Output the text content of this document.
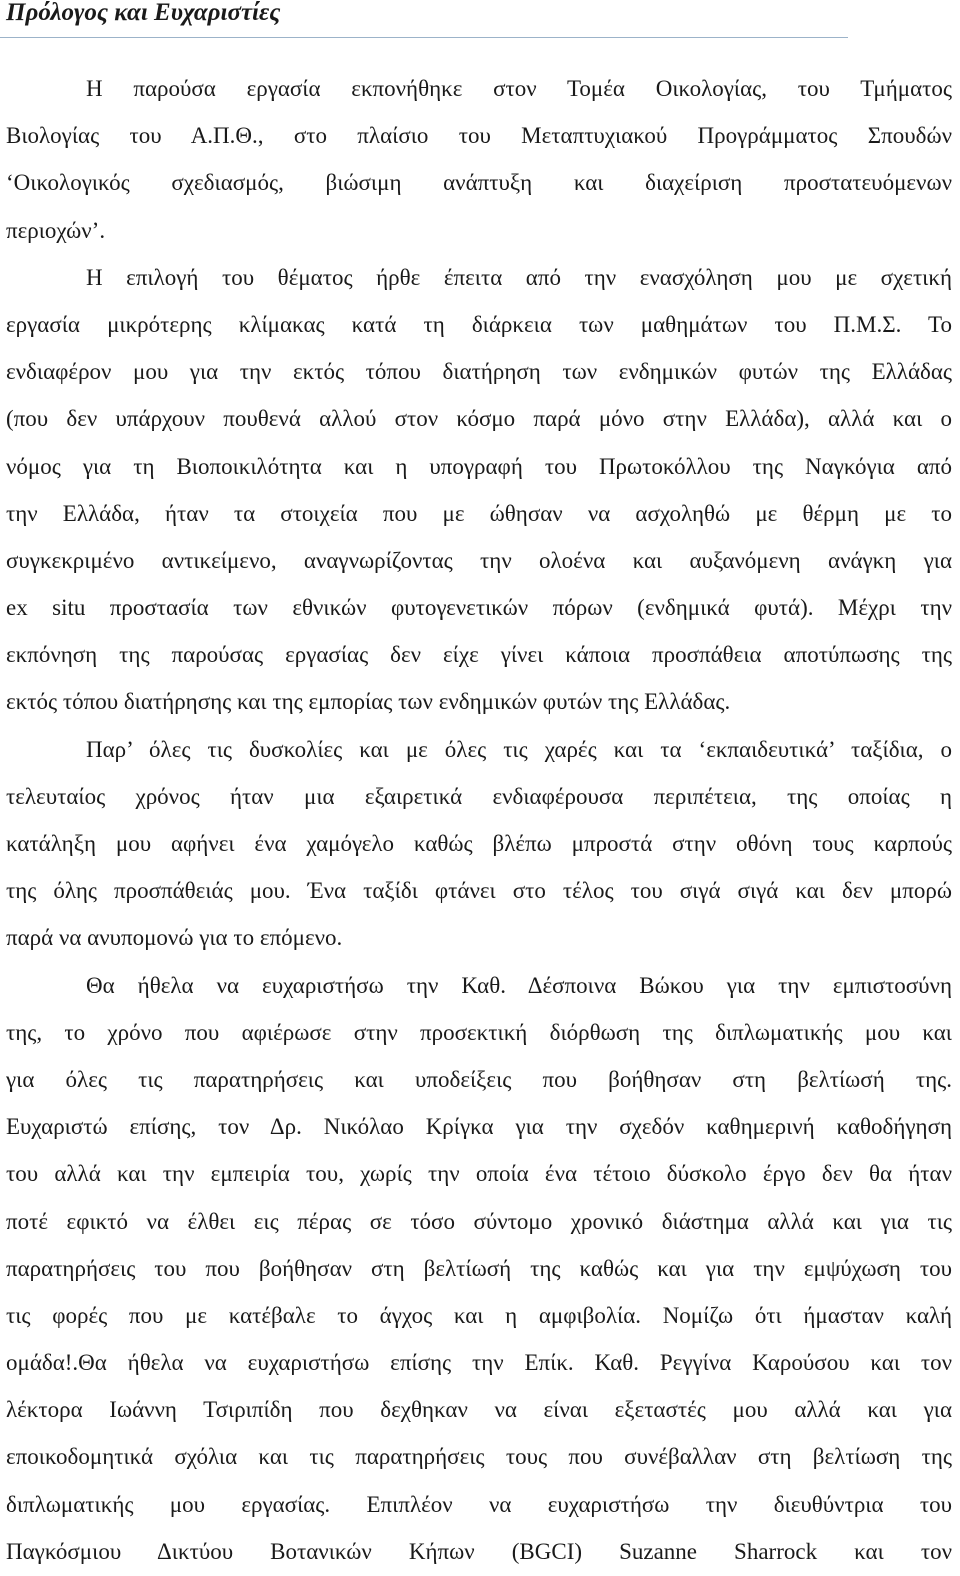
Πρόλογος και Ευχαριστίες
Η παρούσα εργασία εκπονήθηκε στον Τομέα Οικολογίας, του Τμήματος
Βιολογίας του Α.Π.Θ., στο πλαίσιο του Μεταπτυχιακού Προγράμματος Σπουδών
‘Οικολογικός σχεδιασμός, βιώσιμη ανάπτυξη και διαχείριση προστατευόμενων
περιοχών’.
Η επιλογή του θέματος ήρθε έπειτα από την ενασχόληση μου με σχετική
εργασία μικρότερης κλίμακας κατά τη διάρκεια των μαθημάτων του Π.Μ.Σ. Το
ενδιαφέρον μου για την εκτός τόπου διατήρηση των ενδημικών φυτών της Ελλάδας
(που δεν υπάρχουν πουθενά αλλού στον κόσμο παρά μόνο στην Ελλάδα), αλλά και ο
νόμος για τη Βιοποικιλότητα και η υπογραφή του Πρωτοκόλλου της Ναγκόγια από
την Ελλάδα, ήταν τα στοιχεία που με ώθησαν να ασχοληθώ με θέρμη με το
συγκεκριμένο αντικείμενο, αναγνωρίζοντας την ολοένα και αυξανόμενη ανάγκη για
ex situ προστασία των εθνικών φυτογενετικών πόρων (ενδημικά φυτά). Μέχρι την
εκπόνηση της παρούσας εργασίας δεν είχε γίνει κάποια προσπάθεια αποτύπωσης της
εκτός τόπου διατήρησης και της εμπορίας των ενδημικών φυτών της Ελλάδας.
Παρ’ όλες τις δυσκολίες και με όλες τις χαρές και τα ‘εκπαιδευτικά’ ταξίδια, ο
τελευταίος χρόνος ήταν μια εξαιρετικά ενδιαφέρουσα περιπέτεια, της οποίας η
κατάληξη μου αφήνει ένα χαμόγελο καθώς βλέπω μπροστά στην οθόνη τους καρπούς
της όλης προσπάθειάς μου. Ένα ταξίδι φτάνει στο τέλος του σιγά σιγά και δεν μπορώ
παρά να ανυπομονώ για το επόμενο.
Θα ήθελα να ευχαριστήσω την Καθ. Δέσποινα Βώκου για την εμπιστοσύνη
της, το χρόνο που αφιέρωσε στην προσεκτική διόρθωση της διπλωματικής μου και
για όλες τις παρατηρήσεις και υποδείξεις που βοήθησαν στη βελτίωσή της.
Ευχαριστώ επίσης, τον Δρ. Νικόλαο Κρίγκα για την σχεδόν καθημερινή καθοδήγηση
του αλλά και την εμπειρία του, χωρίς την οποία ένα τέτοιο δύσκολο έργο δεν θα ήταν
ποτέ εφικτό να έλθει εις πέρας σε τόσο σύντομο χρονικό διάστημα αλλά και για τις
παρατηρήσεις του που βοήθησαν στη βελτίωσή της καθώς και για την εμψύχωση του
τις φορές που με κατέβαλε το άγχος και η αμφιβολία. Νομίζω ότι ήμασταν καλή
ομάδα!.Θα ήθελα να ευχαριστήσω επίσης την Επίκ. Καθ. Ρεγγίνα Καρούσου και τον
λέκτορα Ιωάννη Τσιριπίδη που δεχθηκαν να είναι εξεταστές μου αλλά και για
εποικοδομητικά σχόλια και τις παρατηρήσεις τους που συνέβαλλαν στη βελτίωση της
διπλωματικής μου εργασίας. Επιπλέον να ευχαριστήσω την διευθύντρια του
Παγκόσμιου Δικτύου Βοτανικών Κήπων (BGCI) Suzanne Sharrock και τον
